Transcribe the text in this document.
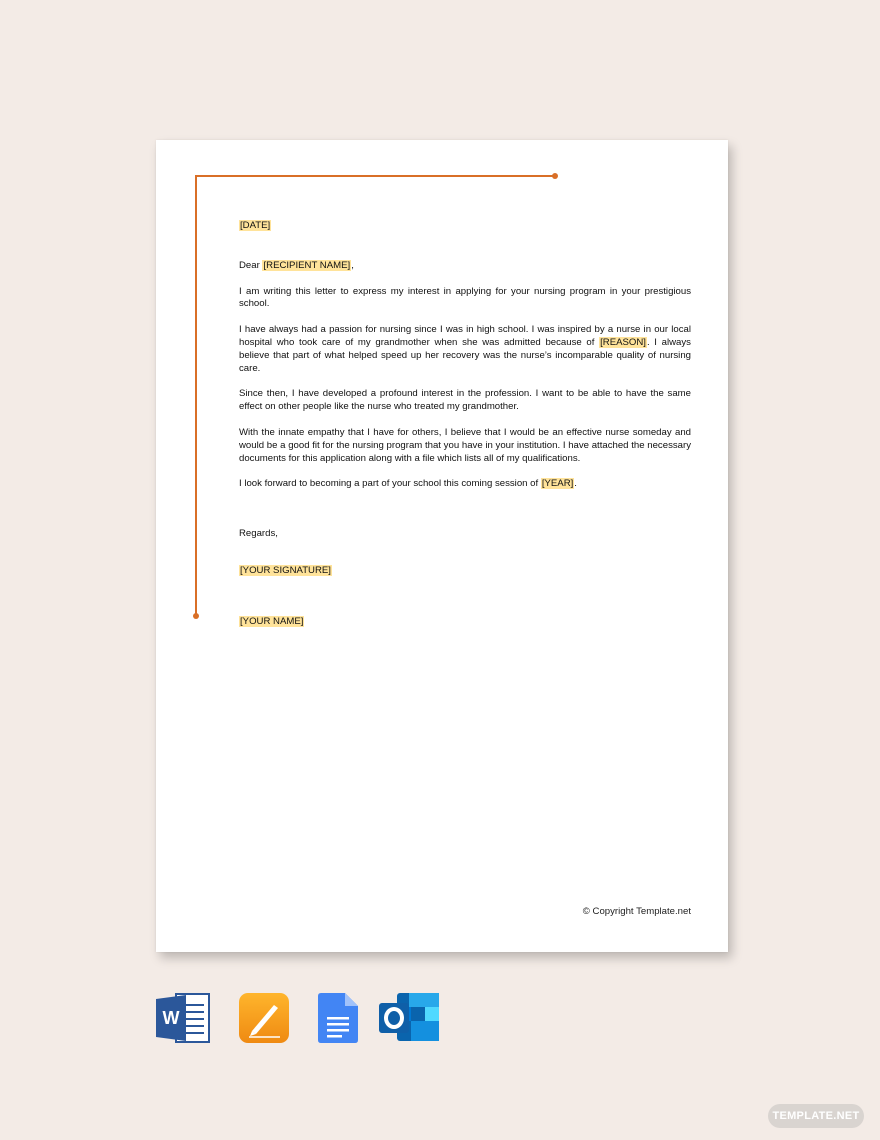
[DATE]

Dear [RECIPIENT NAME],

I am writing this letter to express my interest in applying for your nursing program in your prestigious school.

I have always had a passion for nursing since I was in high school. I was inspired by a nurse in our local hospital who took care of my grandmother when she was admitted because of [REASON]. I always believe that part of what helped speed up her recovery was the nurse’s incomparable quality of nursing care.

Since then, I have developed a profound interest in the profession. I want to be able to have the same effect on other people like the nurse who treated my grandmother.

With the innate empathy that I have for others, I believe that I would be an effective nurse someday and would be a good fit for the nursing program that you have in your institution. I have attached the necessary documents for this application along with a file which lists all of my qualifications.

I look forward to becoming a part of your school this coming session of [YEAR].

Regards,

[YOUR SIGNATURE]

[YOUR NAME]

© Copyright Template.net
W
TEMPLATE.NET
